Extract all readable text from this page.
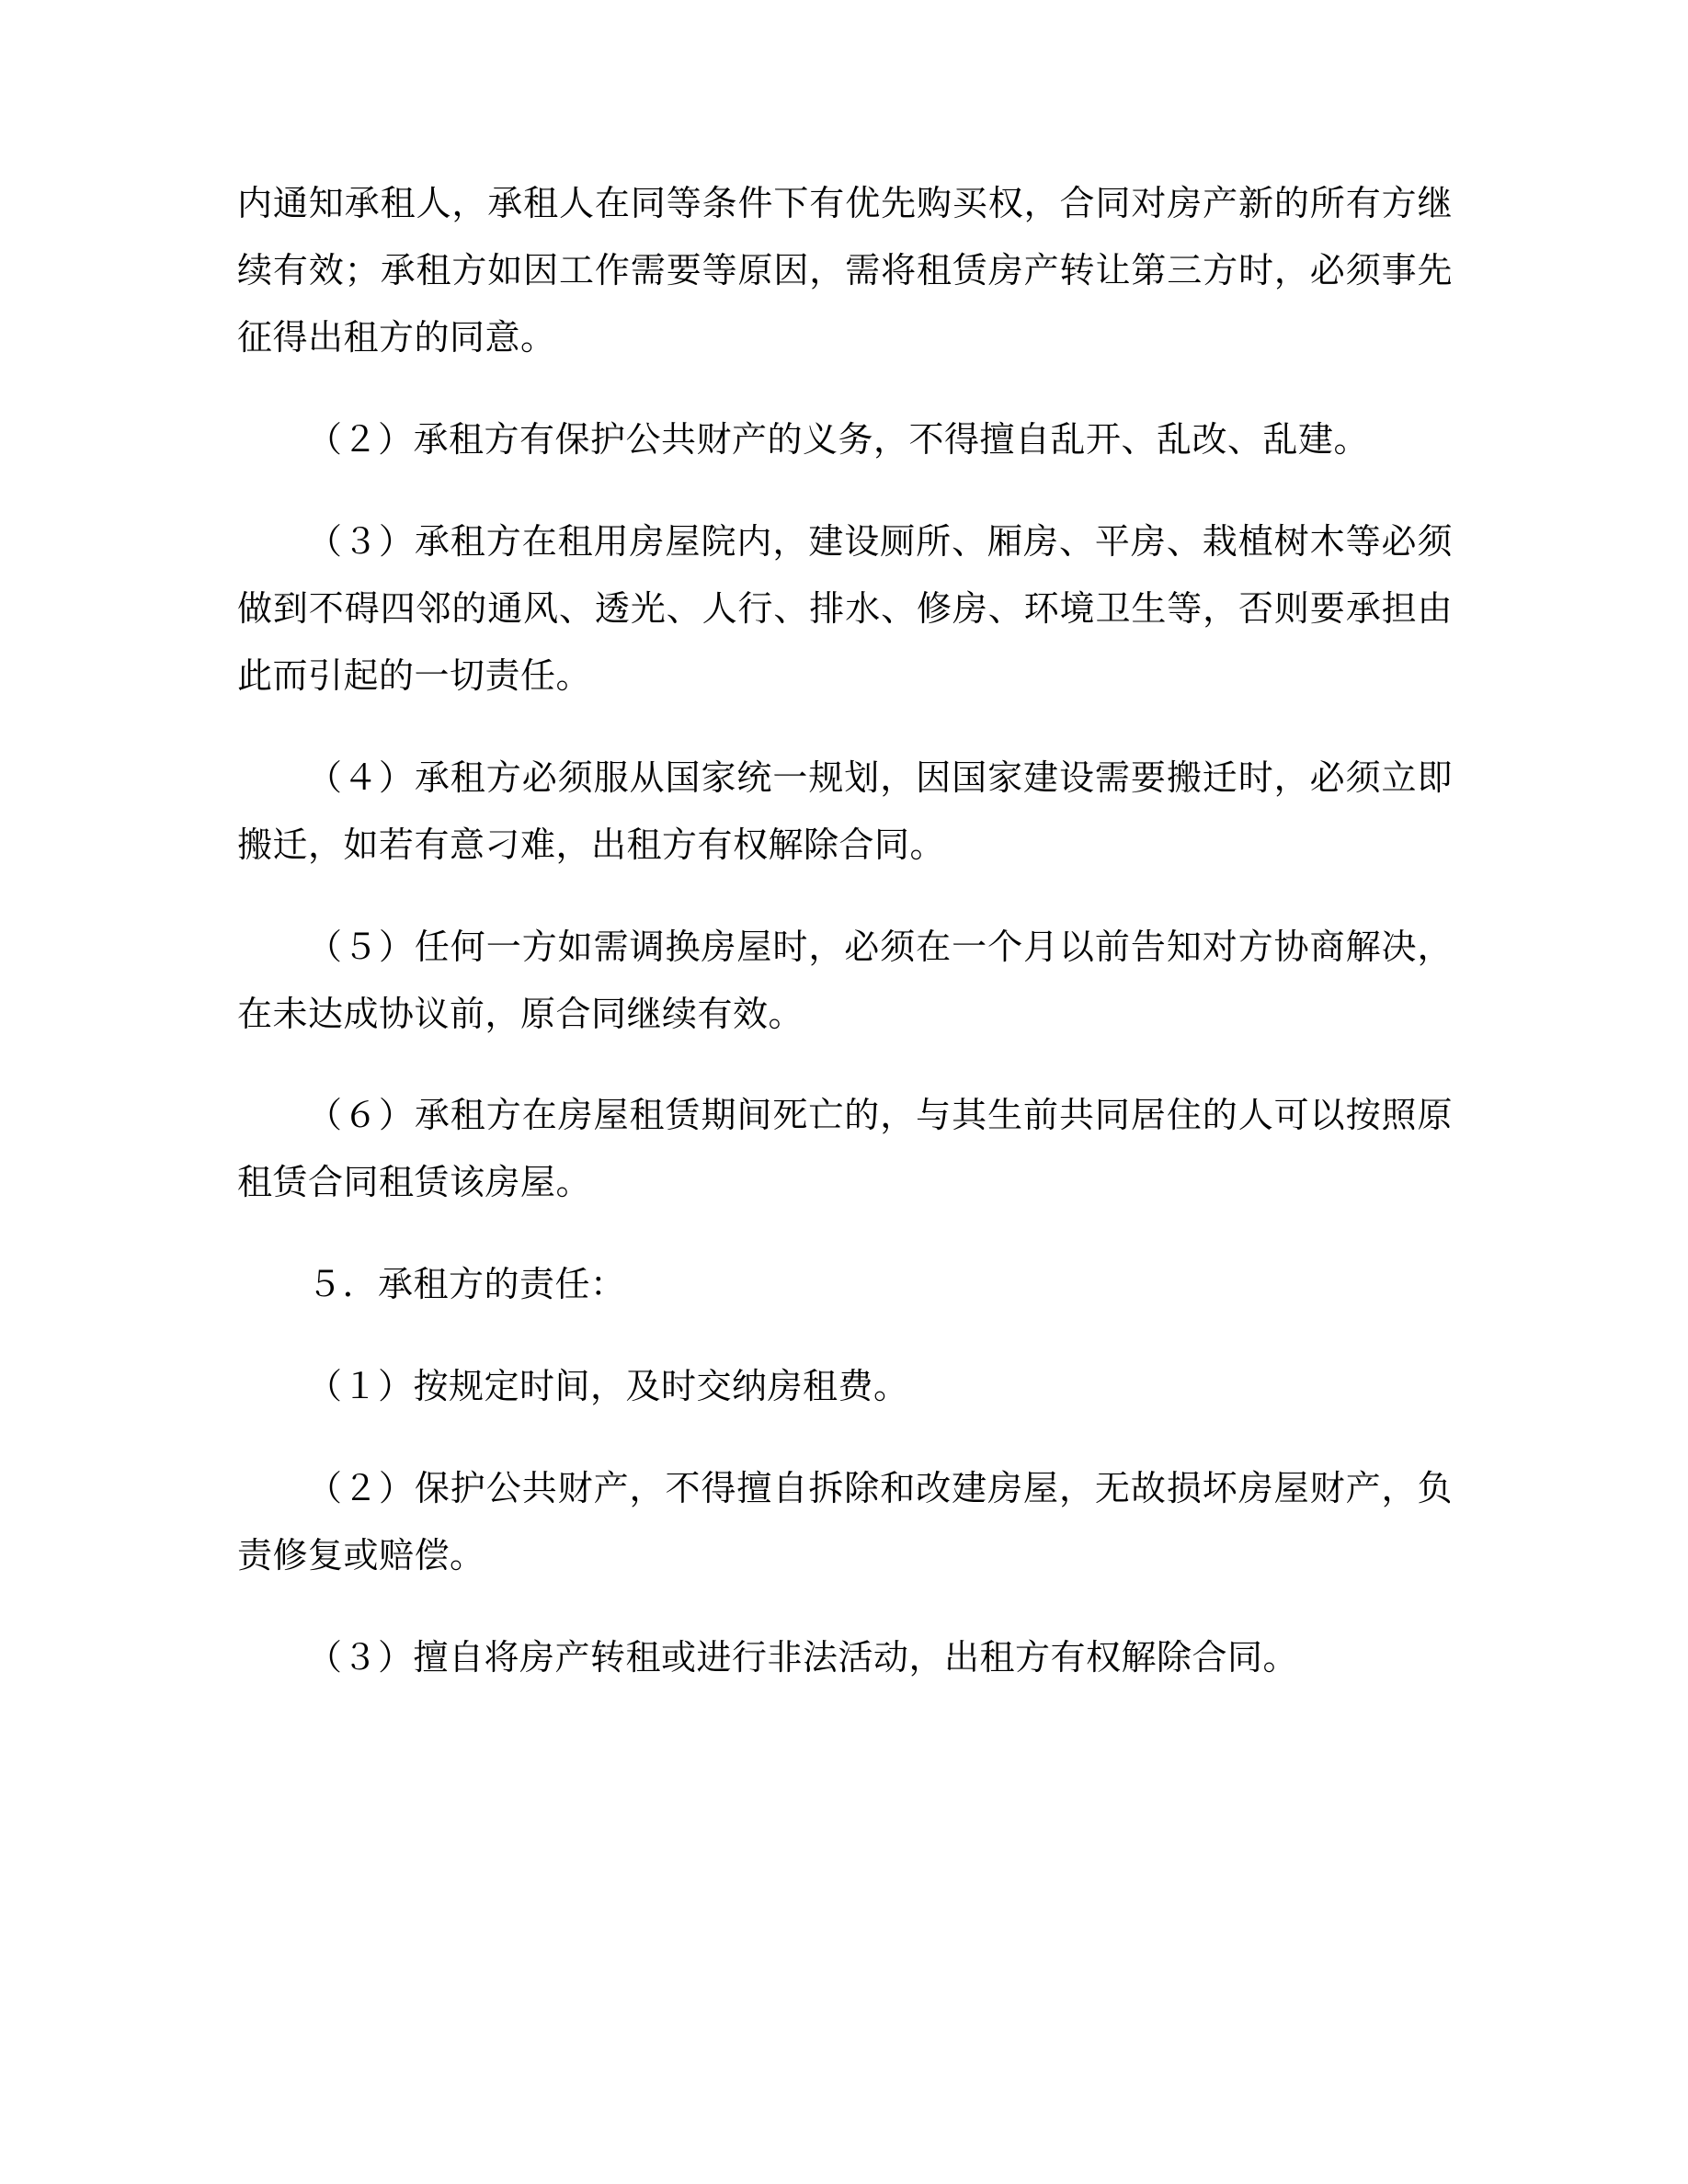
内通知承租人，承租人在同等条件下有优先购买权，合同对房产新的所有方继续有效；承租方如因工作需要等原因，需将租赁房产转让第三方时，必须事先征得出租方的同意。

（２）承租方有保护公共财产的义务，不得擅自乱开、乱改、乱建。

（３）承租方在租用房屋院内，建设厕所、厢房、平房、栽植树木等必须做到不碍四邻的通风、透光、人行、排水、修房、环境卫生等，否则要承担由此而引起的一切责任。

（４）承租方必须服从国家统一规划，因国家建设需要搬迁时，必须立即搬迁，如若有意刁难，出租方有权解除合同。

（５）任何一方如需调换房屋时，必须在一个月以前告知对方协商解决，在未达成协议前，原合同继续有效。

（６）承租方在房屋租赁期间死亡的，与其生前共同居住的人可以按照原租赁合同租赁该房屋。

５．承租方的责任：

（１）按规定时间，及时交纳房租费。

（２）保护公共财产，不得擅自拆除和改建房屋，无故损坏房屋财产，负责修复或赔偿。

（３）擅自将房产转租或进行非法活动，出租方有权解除合同。
